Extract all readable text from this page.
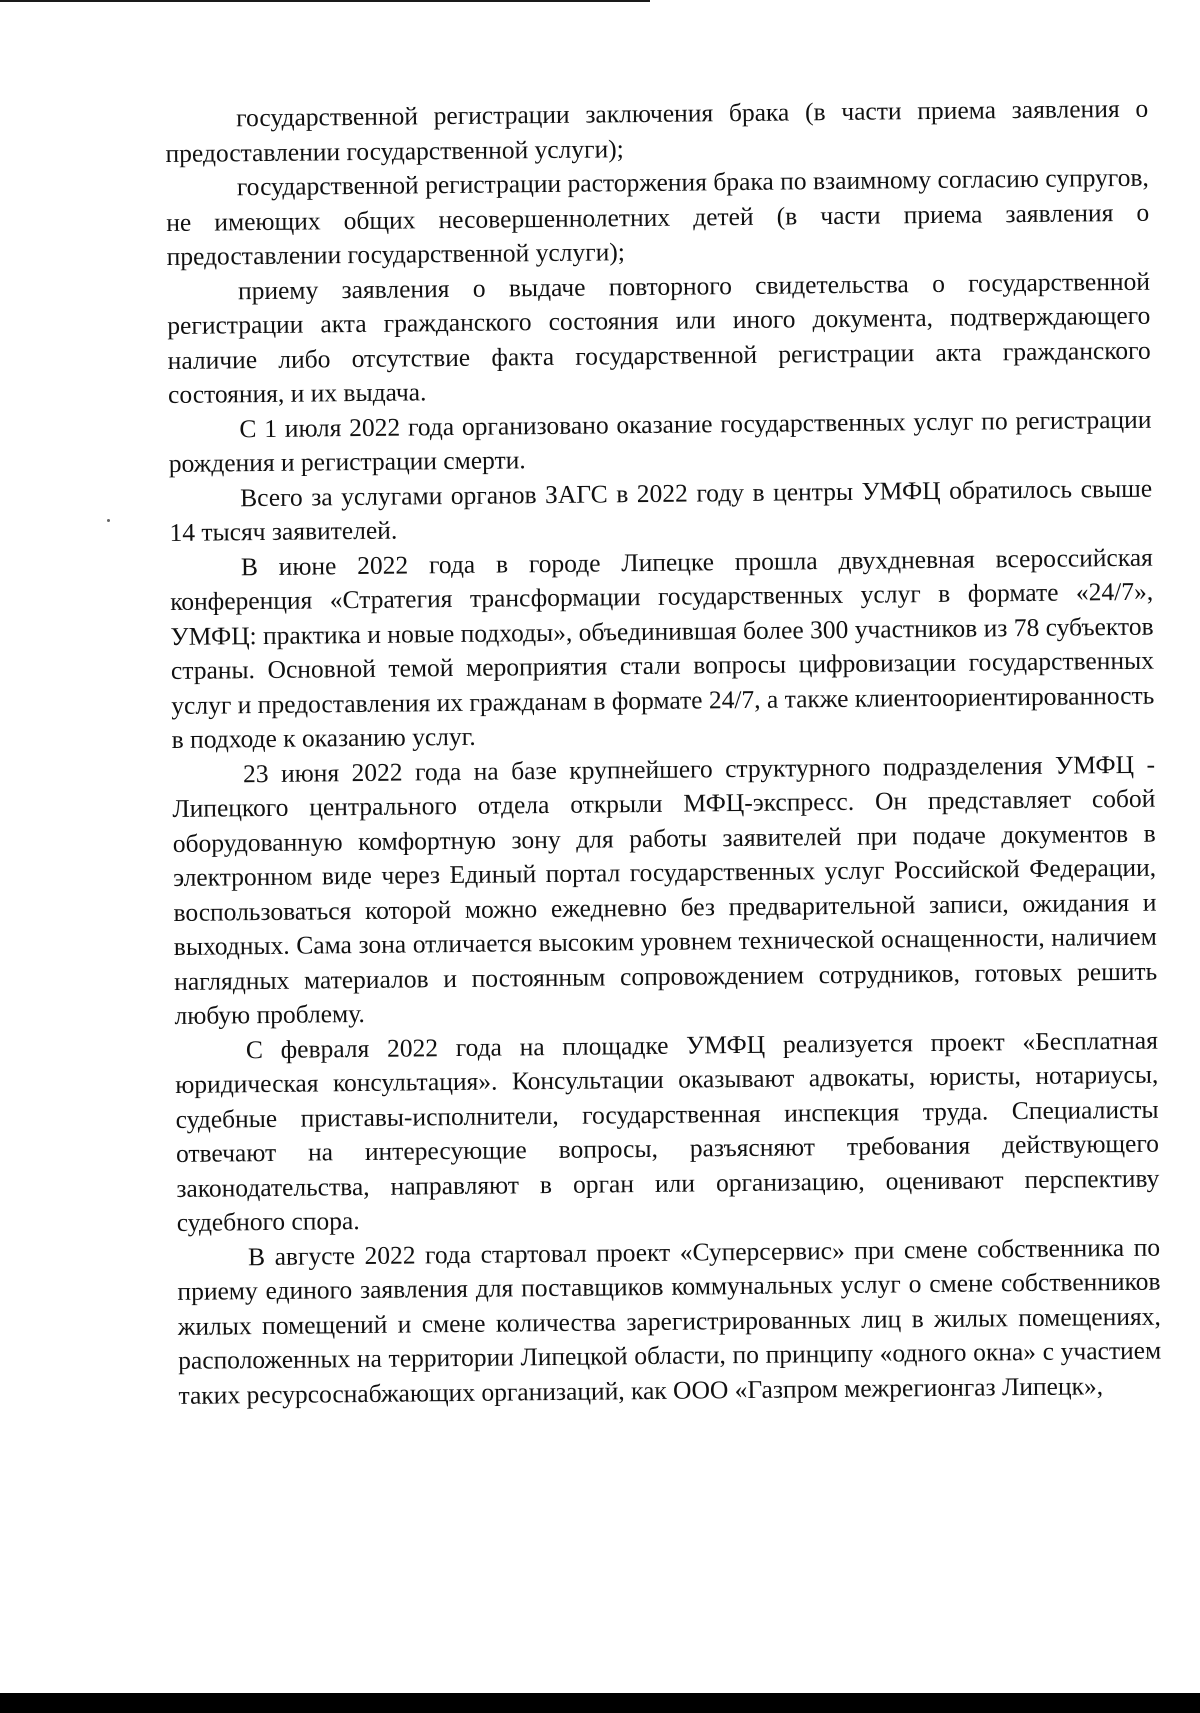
государственной регистрации заключения брака (в части приема заявления о предоставлении государственной услуги);

государственной регистрации расторжения брака по взаимному согласию супругов, не имеющих общих несовершеннолетних детей (в части приема заявления о предоставлении государственной услуги);

приему заявления о выдаче повторного свидетельства о государственной регистрации акта гражданского состояния или иного документа, подтверждающего наличие либо отсутствие факта государственной регистрации акта гражданского состояния, и их выдача.

С 1 июля 2022 года организовано оказание государственных услуг по регистрации рождения и регистрации смерти.

Всего за услугами органов ЗАГС в 2022 году в центры УМФЦ обратилось свыше 14 тысяч заявителей.

В июне 2022 года в городе Липецке прошла двухдневная всероссийская конференция «Стратегия трансформации государственных услуг в формате «24/7», УМФЦ: практика и новые подходы», объединившая более 300 участников из 78 субъектов страны. Основной темой мероприятия стали вопросы цифровизации государственных услуг и предоставления их гражданам в формате 24/7, а также клиентоориентированность в подходе к оказанию услуг.

23 июня 2022 года на базе крупнейшего структурного подразделения УМФЦ - Липецкого центрального отдела открыли МФЦ-экспресс. Он представляет собой оборудованную комфортную зону для работы заявителей при подаче документов в электронном виде через Единый портал государственных услуг Российской Федерации, воспользоваться которой можно ежедневно без предварительной записи, ожидания и выходных. Сама зона отличается высоким уровнем технической оснащенности, наличием наглядных материалов и постоянным сопровождением сотрудников, готовых решить любую проблему.

С февраля 2022 года на площадке УМФЦ реализуется проект «Бесплатная юридическая консультация». Консультации оказывают адвокаты, юристы, нотариусы, судебные приставы-исполнители, государственная инспекция труда. Специалисты отвечают на интересующие вопросы, разъясняют требования действующего законодательства, направляют в орган или организацию, оценивают перспективу судебного спора.

В августе 2022 года стартовал проект «Суперсервис» при смене собственника по приему единого заявления для поставщиков коммунальных услуг о смене собственников жилых помещений и смене количества зарегистрированных лиц в жилых помещениях, расположенных на территории Липецкой области, по принципу «одного окна» с участием таких ресурсоснабжающих организаций, как ООО «Газпром межрегионгаз Липецк»,
